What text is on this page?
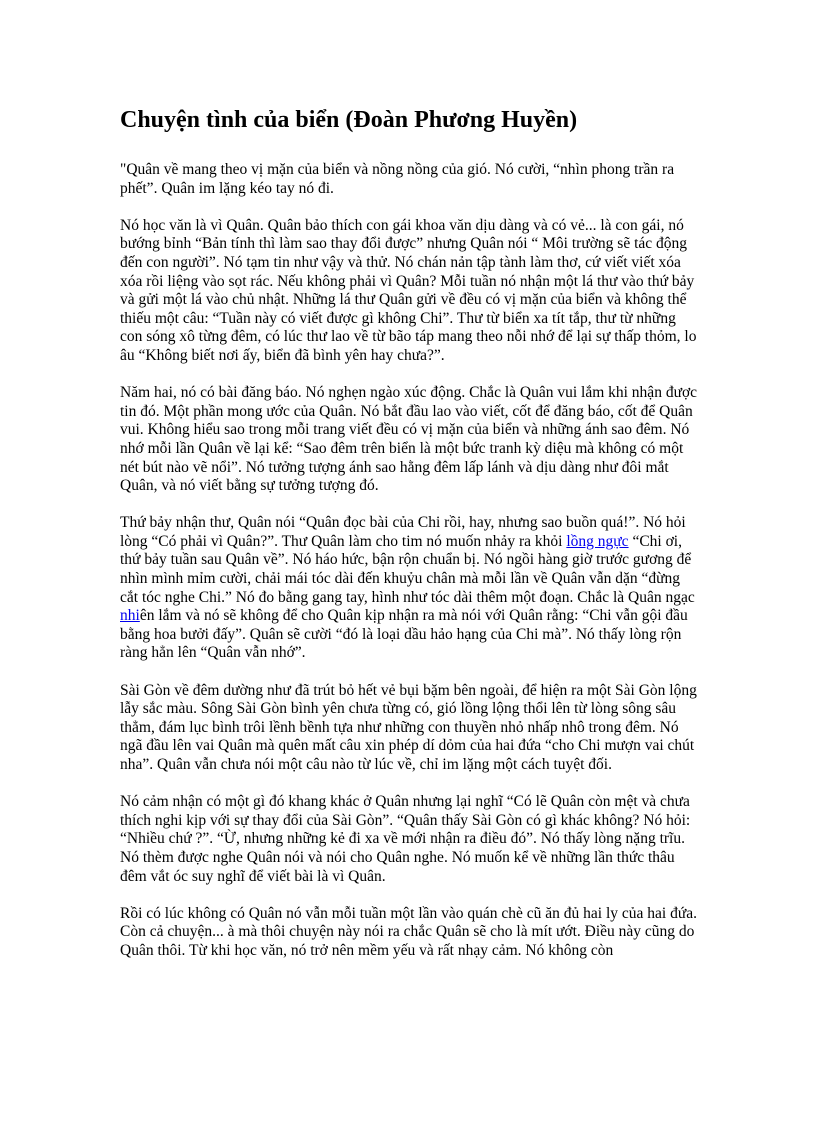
Chuyện tình của biển (Đoàn Phương Huyền)

"Quân về mang theo vị mặn của biển và nồng nồng của gió. Nó cười, “nhìn phong trần ra phết”. Quân im lặng kéo tay nó đi.

Nó học văn là vì Quân. Quân bảo thích con gái khoa văn dịu dàng và có vẻ... là con gái, nó bướng bỉnh “Bản tính thì làm sao thay đổi được” nhưng Quân nói “ Môi trường sẽ tác động đến con người”. Nó tạm tin như vậy và thử. Nó chán nản tập tành làm thơ, cứ viết viết xóa xóa rồi liệng vào sọt rác. Nếu không phải vì Quân? Mỗi tuần nó nhận một lá thư vào thứ bảy và gửi một lá vào chủ nhật. Những lá thư Quân gửi về đều có vị mặn của biển và không thể thiếu một câu: “Tuần này có viết được gì không Chi”. Thư từ biển xa tít tắp, thư từ những con sóng xô từng đêm, có lúc thư lao về từ bão táp mang theo nỗi nhớ để lại sự thấp thỏm, lo âu “Không biết nơi ấy, biển đã bình yên hay chưa?”.

Năm hai, nó có bài đăng báo. Nó nghẹn ngào xúc động. Chắc là Quân vui lắm khi nhận được tin đó. Một phần mong ước của Quân. Nó bắt đầu lao vào viết, cốt để đăng báo, cốt để Quân vui. Không hiểu sao trong mỗi trang viết đều có vị mặn của biển và những ánh sao đêm. Nó nhớ mỗi lần Quân về lại kể: “Sao đêm trên biển là một bức tranh kỳ diệu mà không có một nét bút nào vẽ nổi”. Nó tưởng tượng ánh sao hằng đêm lấp lánh và dịu dàng như đôi mắt Quân, và nó viết bằng sự tưởng tượng đó.

Thứ bảy nhận thư, Quân nói “Quân đọc bài của Chi rồi, hay, nhưng sao buồn quá!”. Nó hỏi lòng “Có phải vì Quân?”. Thư Quân làm cho tim nó muốn nhảy ra khỏi lồng ngực “Chi ơi, thứ bảy tuần sau Quân về”. Nó háo hức, bận rộn chuẩn bị. Nó ngồi hàng giờ trước gương để nhìn mình mỉm cười, chải mái tóc dài đến khuỷu chân mà mỗi lần về Quân vẫn dặn “đừng cắt tóc nghe Chi.” Nó đo bằng gang tay, hình như tóc dài thêm một đoạn. Chắc là Quân ngạc nhiên lắm và nó sẽ không để cho Quân kịp nhận ra mà nói với Quân rằng: “Chi vẫn gội đầu bằng hoa bưởi đấy”. Quân sẽ cười “đó là loại dầu hảo hạng của Chi mà”. Nó thấy lòng rộn ràng hẳn lên “Quân vẫn nhớ”.

Sài Gòn về đêm dường như đã trút bỏ hết vẻ bụi bặm bên ngoài, để hiện ra một Sài Gòn lộng lẫy sắc màu. Sông Sài Gòn bình yên chưa từng có, gió lồng lộng thổi lên từ lòng sông sâu thẳm, đám lục bình trôi lềnh bềnh tựa như những con thuyền nhỏ nhấp nhô trong đêm. Nó ngã đầu lên vai Quân mà quên mất câu xin phép dí dỏm của hai đứa “cho Chi mượn vai chút nha”. Quân vẫn chưa nói một câu nào từ lúc về, chỉ im lặng một cách tuyệt đối.

Nó cảm nhận có một gì đó khang khác ở Quân nhưng lại nghĩ “Có lẽ Quân còn mệt và chưa thích nghi kịp với sự thay đổi của Sài Gòn”. “Quân thấy Sài Gòn có gì khác không? Nó hỏi: “Nhiều chứ ?”. “Ừ, nhưng những kẻ đi xa về mới nhận ra điều đó”. Nó thấy lòng nặng trĩu. Nó thèm được nghe Quân nói và nói cho Quân nghe. Nó muốn kể về những lần thức thâu đêm vắt óc suy nghĩ để viết bài là vì Quân.

Rồi có lúc không có Quân nó vẫn mỗi tuần một lần vào quán chè cũ ăn đủ hai ly của hai đứa. Còn cả chuyện... à mà thôi chuyện này nói ra chắc Quân sẽ cho là mít ướt. Điều này cũng do Quân thôi. Từ khi học văn, nó trở nên mềm yếu và rất nhạy cảm. Nó không còn
